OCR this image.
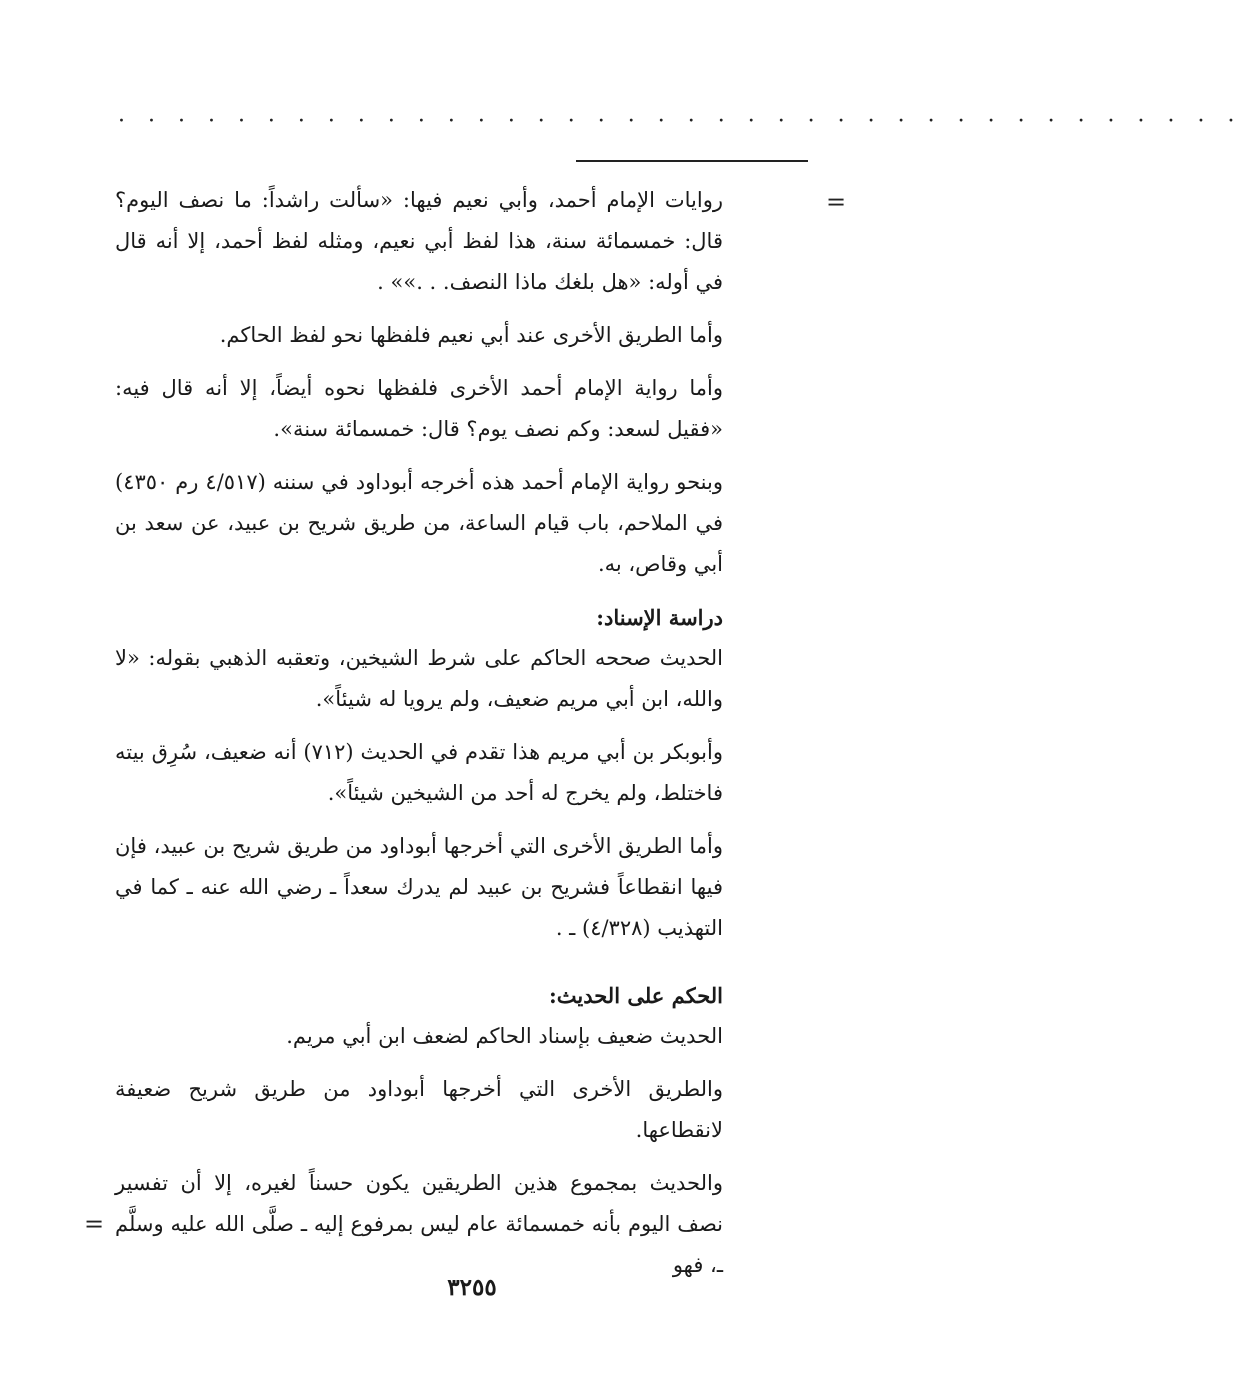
· · · · · · · · · · · · · · · · · · · · · · · · · · · · · · · · · · · · · ·
=

روايات الإمام أحمد، وأبي نعيم فيها: «سألت راشداً: ما نصف اليوم؟ قال: خمسمائة سنة، هذا لفظ أبي نعيم، ومثله لفظ أحمد، إلا أنه قال في أوله: «هل بلغك ماذا النصف. . .»» .

وأما الطريق الأخرى عند أبي نعيم فلفظها نحو لفظ الحاكم.

وأما رواية الإمام أحمد الأخرى فلفظها نحوه أيضاً، إلا أنه قال فيه: «فقيل لسعد: وكم نصف يوم؟ قال: خمسمائة سنة».

وبنحو رواية الإمام أحمد هذه أخرجه أبوداود في سننه (٤/٥١٧ رم ٤٣٥٠) في الملاحم، باب قيام الساعة، من طريق شريح بن عبيد، عن سعد بن أبي وقاص، به.

دراسة الإسناد:

الحديث صححه الحاكم على شرط الشيخين، وتعقبه الذهبي بقوله: «لا والله، ابن أبي مريم ضعيف، ولم يرويا له شيئاً».

وأبوبكر بن أبي مريم هذا تقدم في الحديث (٧١٢) أنه ضعيف، سُرِق بيته فاختلط، ولم يخرج له أحد من الشيخين شيئاً».

وأما الطريق الأخرى التي أخرجها أبوداود من طريق شريح بن عبيد، فإن فيها انقطاعاً فشريح بن عبيد لم يدرك سعداً ـ رضي الله عنه ـ كما في التهذيب (٤/٣٢٨) ـ .

الحكم على الحديث:

الحديث ضعيف بإسناد الحاكم لضعف ابن أبي مريم.

والطريق الأخرى التي أخرجها أبوداود من طريق شريح ضعيفة لانقطاعها.

والحديث بمجموع هذين الطريقين يكون حسناً لغيره، إلا أن تفسير نصف اليوم بأنه خمسمائة عام ليس بمرفوع إليه ـ صلَّى الله عليه وسلَّم ـ، فهو

=
٣٢٥٥
